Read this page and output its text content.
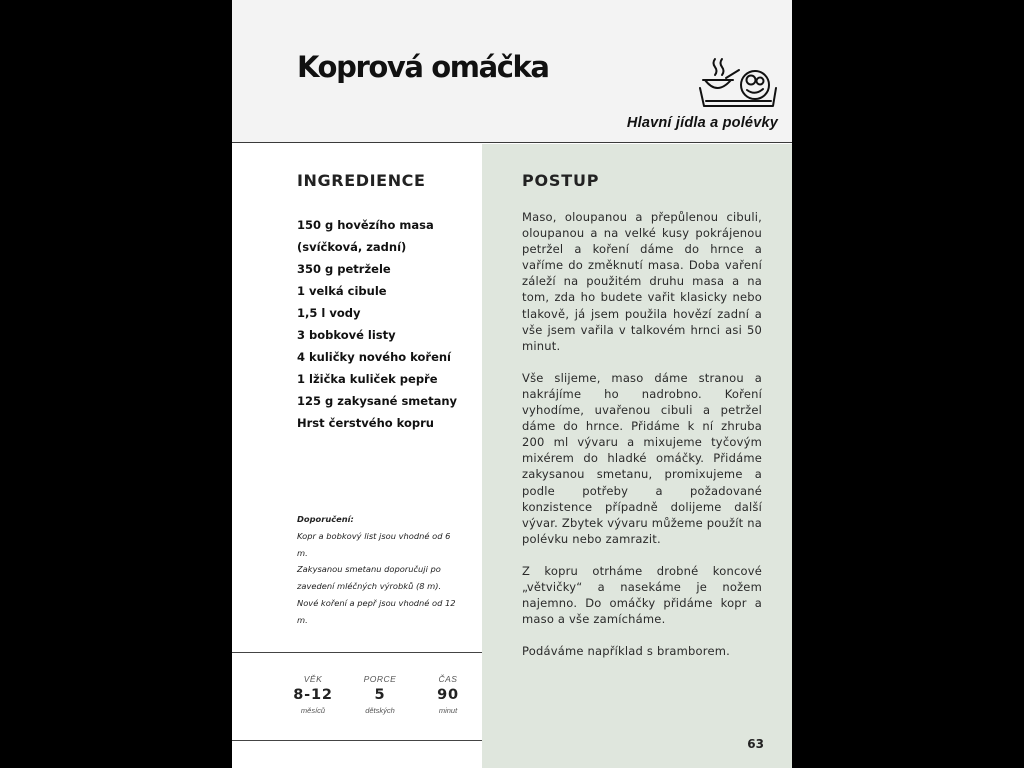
Koprová omáčka
Hlavní jídla a polévky
INGREDIENCE
150 g hovězího masa
(svíčková, zadní)
350 g petržele
1 velká cibule
1,5 l vody
3 bobkové listy
4 kuličky nového koření
1 lžička kuliček pepře
125 g zakysané smetany
Hrst čerstvého kopru

Doporučení:

Kopr a bobkový list jsou vhodné od 6 m.

Zakysanou smetanu doporučuji po zavedení mléčných výrobků (8 m).

Nové koření a pepř jsou vhodné od 12 m.

VĚK
8-12
měsíců
PORCE
5
dětských
ČAS
90
minut
POSTUP

Maso, oloupanou a přepůlenou cibuli, oloupanou a na velké kusy pokrájenou petržel a koření dáme do hrnce a vaříme do změknutí masa. Doba vaření záleží na použitém druhu masa a na tom, zda ho budete vařit klasicky nebo tlakově, já jsem použila hovězí zadní a vše jsem vařila v talkovém hrnci asi 50 minut.

Vše slijeme, maso dáme stranou a nakrájíme ho nadrobno. Koření vyhodíme, uvařenou cibuli a petržel dáme do hrnce. Přidáme k ní zhruba 200 ml vývaru a mixujeme tyčovým mixérem do hladké omáčky. Přidáme zakysanou smetanu, promixujeme a podle potřeby a požadované konzistence případně dolijeme další vývar. Zbytek vývaru můžeme použít na polévku nebo zamrazit.

Z kopru otrháme drobné koncové „větvičky“ a nasekáme je nožem najemno. Do omáčky přidáme kopr a maso a vše zamícháme.

Podáváme například s bramborem.

63
